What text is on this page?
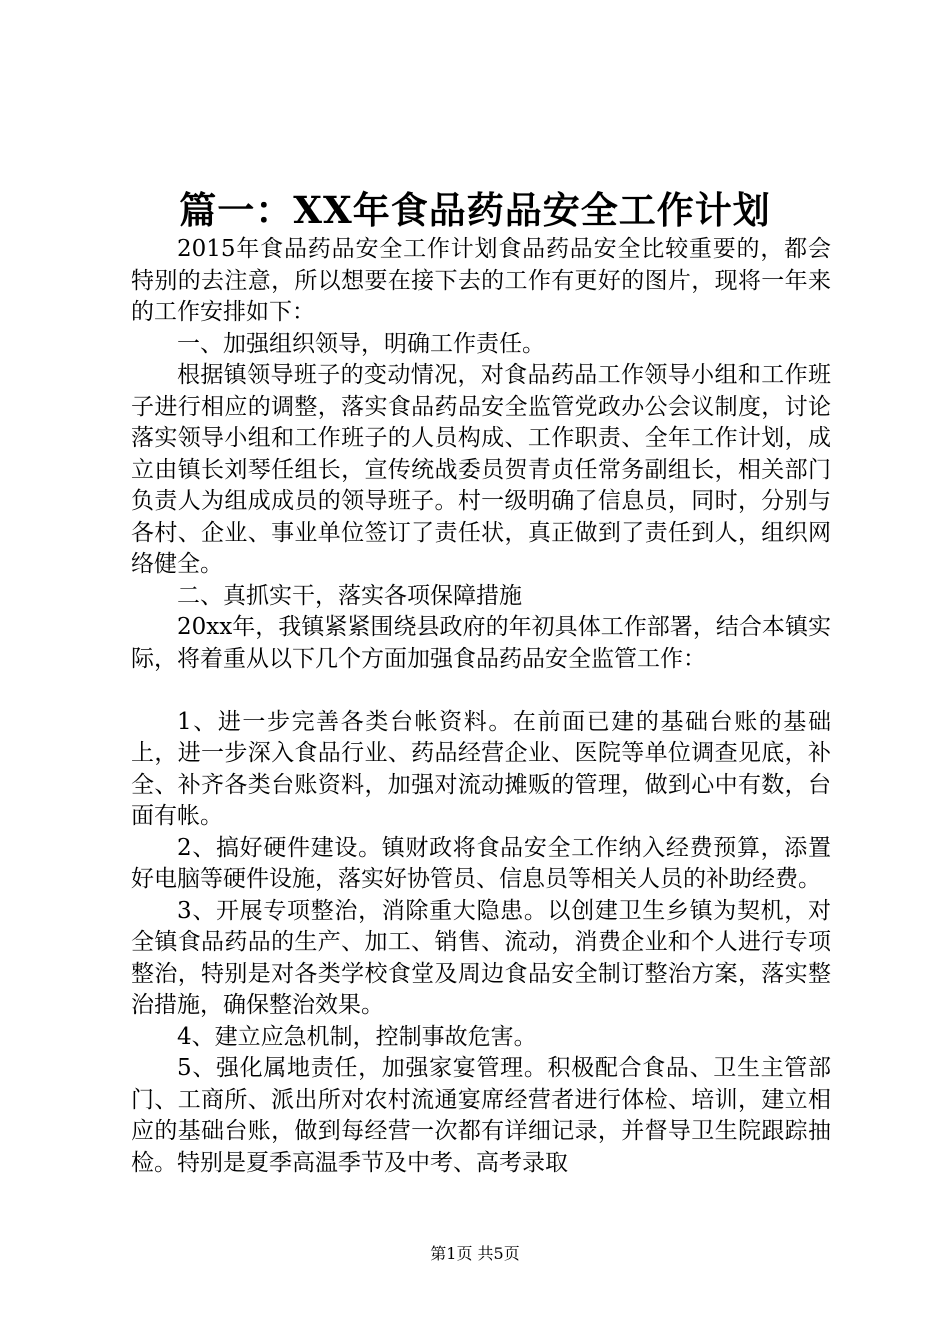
篇一：XX年食品药品安全工作计划

2015年食品药品安全工作计划食品药品安全比较重要的，都会特别的去注意，所以想要在接下去的工作有更好的图片，现将一年来的工作安排如下：

一、加强组织领导，明确工作责任。

根据镇领导班子的变动情况，对食品药品工作领导小组和工作班子进行相应的调整，落实食品药品安全监管党政办公会议制度，讨论落实领导小组和工作班子的人员构成、工作职责、全年工作计划，成立由镇长刘琴任组长，宣传统战委员贺青贞任常务副组长，相关部门负责人为组成成员的领导班子。村一级明确了信息员，同时，分别与各村、企业、事业单位签订了责任状，真正做到了责任到人，组织网络健全。

二、真抓实干，落实各项保障措施

20xx年，我镇紧紧围绕县政府的年初具体工作部署，结合本镇实际，将着重从以下几个方面加强食品药品安全监管工作：

1、进一步完善各类台帐资料。在前面已建的基础台账的基础上，进一步深入食品行业、药品经营企业、医院等单位调查见底，补全、补齐各类台账资料，加强对流动摊贩的管理，做到心中有数，台面有帐。

2、搞好硬件建设。镇财政将食品安全工作纳入经费预算，添置好电脑等硬件设施，落实好协管员、信息员等相关人员的补助经费。

3、开展专项整治，消除重大隐患。以创建卫生乡镇为契机，对全镇食品药品的生产、加工、销售、流动，消费企业和个人进行专项整治，特别是对各类学校食堂及周边食品安全制订整治方案，落实整治措施，确保整治效果。

4、建立应急机制，控制事故危害。

5、强化属地责任，加强家宴管理。积极配合食品、卫生主管部门、工商所、派出所对农村流通宴席经营者进行体检、培训，建立相应的基础台账，做到每经营一次都有详细记录，并督导卫生院跟踪抽检。特别是夏季高温季节及中考、高考录取

第1页 共5页
